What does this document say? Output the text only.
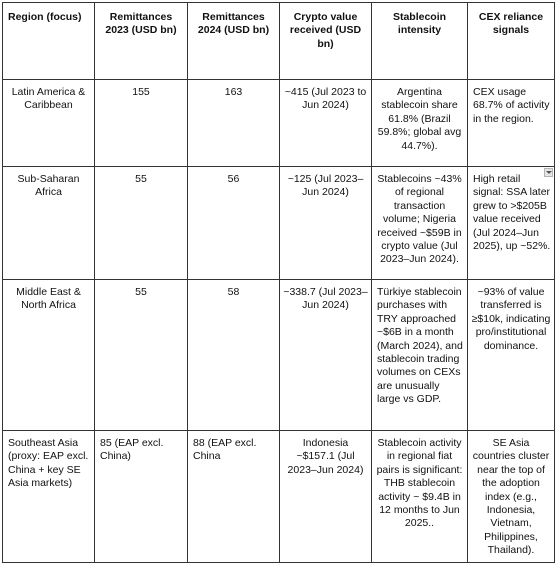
Region (focus)	Remittances 2023 (USD bn)	Remittances 2024 (USD bn)	Crypto value received (USD bn)	Stablecoin intensity	CEX reliance signals
Latin America & Caribbean	155	163	~415 (Jul 2023 to Jun 2024)	Argentina stablecoin share 61.8% (Brazil 59.8%; global avg 44.7%).	CEX usage 68.7% of activity in the region.
Sub-Saharan Africa	55	56	~125 (Jul 2023–Jun 2024)	Stablecoins ~43% of regional transaction volume; Nigeria received ~$59B in crypto value (Jul 2023–Jun 2024).	High retail signal: SSA later grew to >$205B value received (Jul 2024–Jun 2025), up ~52%.

Middle East & North Africa	55	58	~338.7 (Jul 2023–Jun 2024)	Türkiye stablecoin purchases with TRY approached ~$6B in a month (March 2024), and stablecoin trading volumes on CEXs are unusually large vs GDP.	~93% of value transferred is ≥$10k, indicating pro/institutional dominance.
Southeast Asia (proxy: EAP excl. China + key SE Asia markets)	85 (EAP excl. China)	88 (EAP excl. China	Indonesia ~$157.1 (Jul 2023–Jun 2024)	Stablecoin activity in regional fiat pairs is significant: THB stablecoin activity ~ $9.4B in 12 months to Jun 2025..	SE Asia countries cluster near the top of the adoption index (e.g., Indonesia, Vietnam, Philippines, Thailand).
